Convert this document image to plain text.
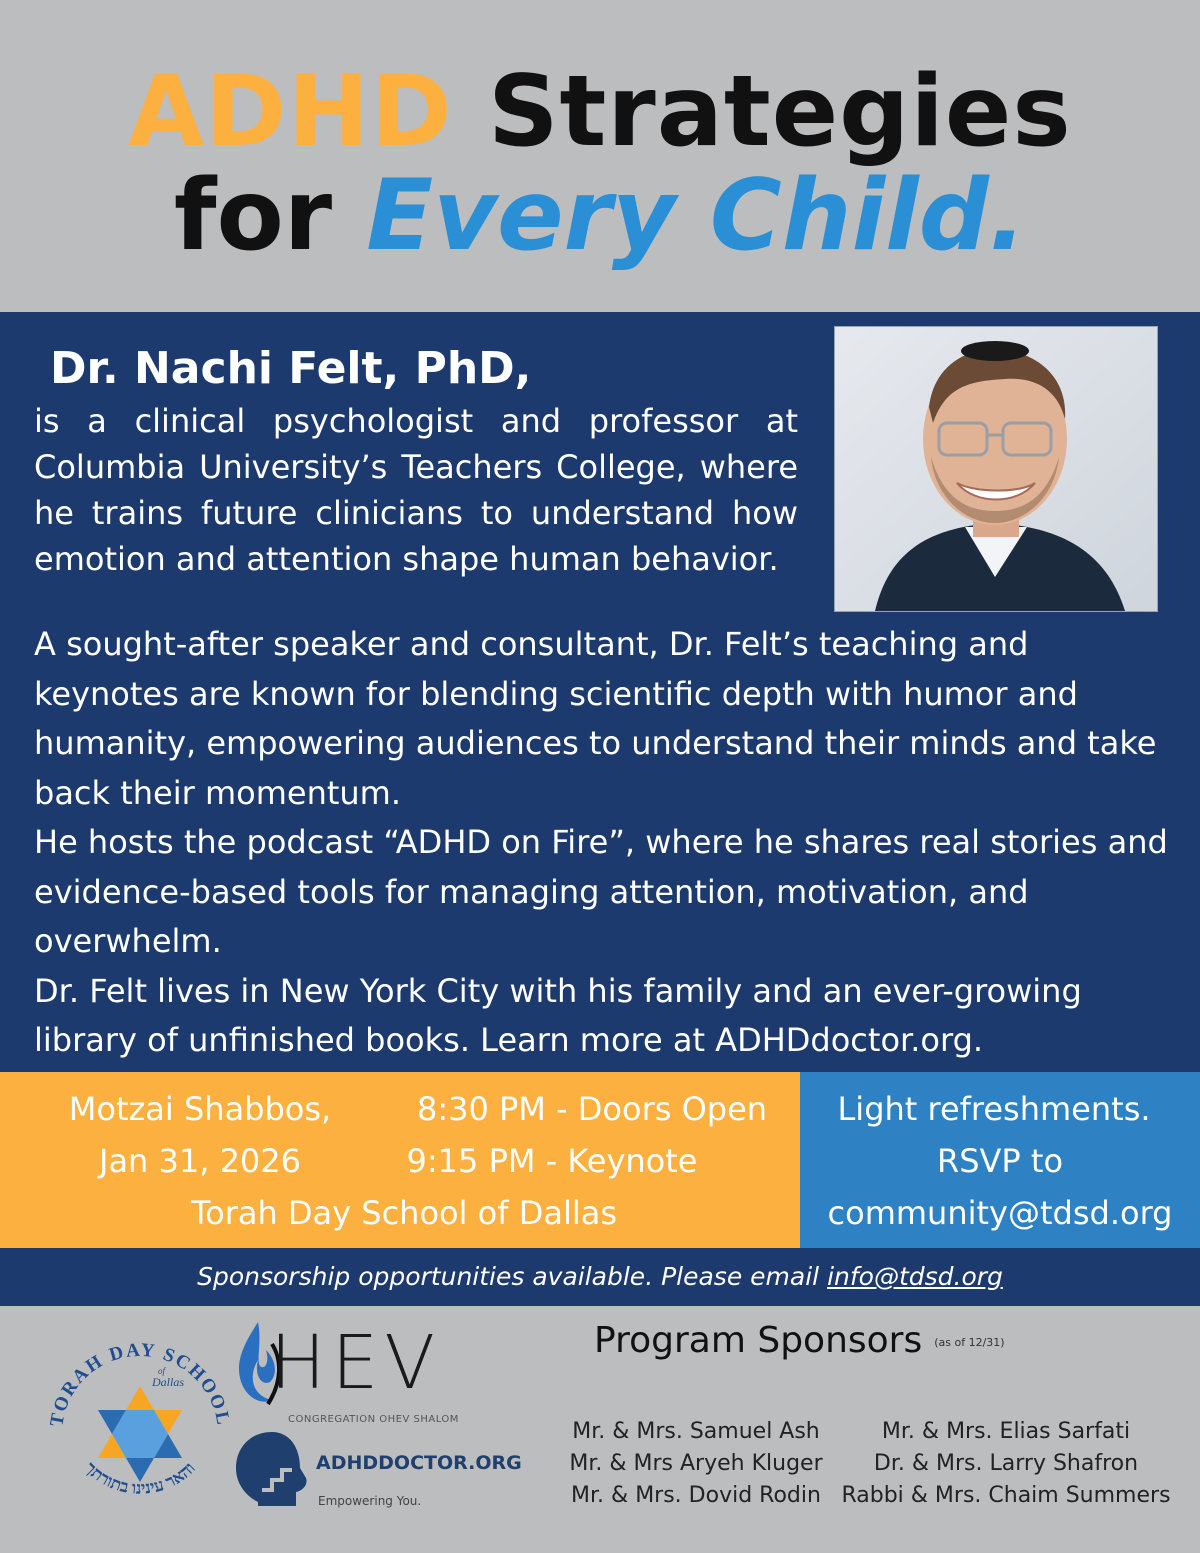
ADHD Strategies
for Every Child.
Dr. Nachi Felt, PhD,
is a clinical psychologist and professor at Columbia University’s Teachers College, where he trains future clinicians to understand how emotion and attention shape human behavior.

A sought-after speaker and consultant, Dr. Felt’s teaching and keynotes are known for blending scientific depth with humor and humanity, empowering audiences to understand their minds and take back their momentum.

He hosts the podcast “ADHD on Fire”, where he shares real stories and evidence-based tools for managing attention, motivation, and overwhelm.

Dr. Felt lives in New York City with his family and an ever-growing library of unfinished books. Learn more at ADHDdoctor.org.

Motzai Shabbos,
Jan 31, 2026
8:30 PM - Doors Open
9:15 PM - Keynote
Torah Day School of Dallas
Light refreshments.
RSVP to
community@tdsd.org
Sponsorship opportunities available. Please email info@tdsd.org
TORAH DAY SCHOOL
והאר עינינו בתורתך
of
Dallas HEV
CONGREGATION OHEV SHALOM
ADHDDOCTOR.ORG
Empowering You.
Program Sponsors (as of 12/31)
Mr. & Mrs. Samuel Ash
Mr. & Mrs Aryeh Kluger
Mr. & Mrs. Dovid Rodin
Mr. & Mrs. Elias Sarfati
Dr. & Mrs. Larry Shafron
Rabbi & Mrs. Chaim Summers
